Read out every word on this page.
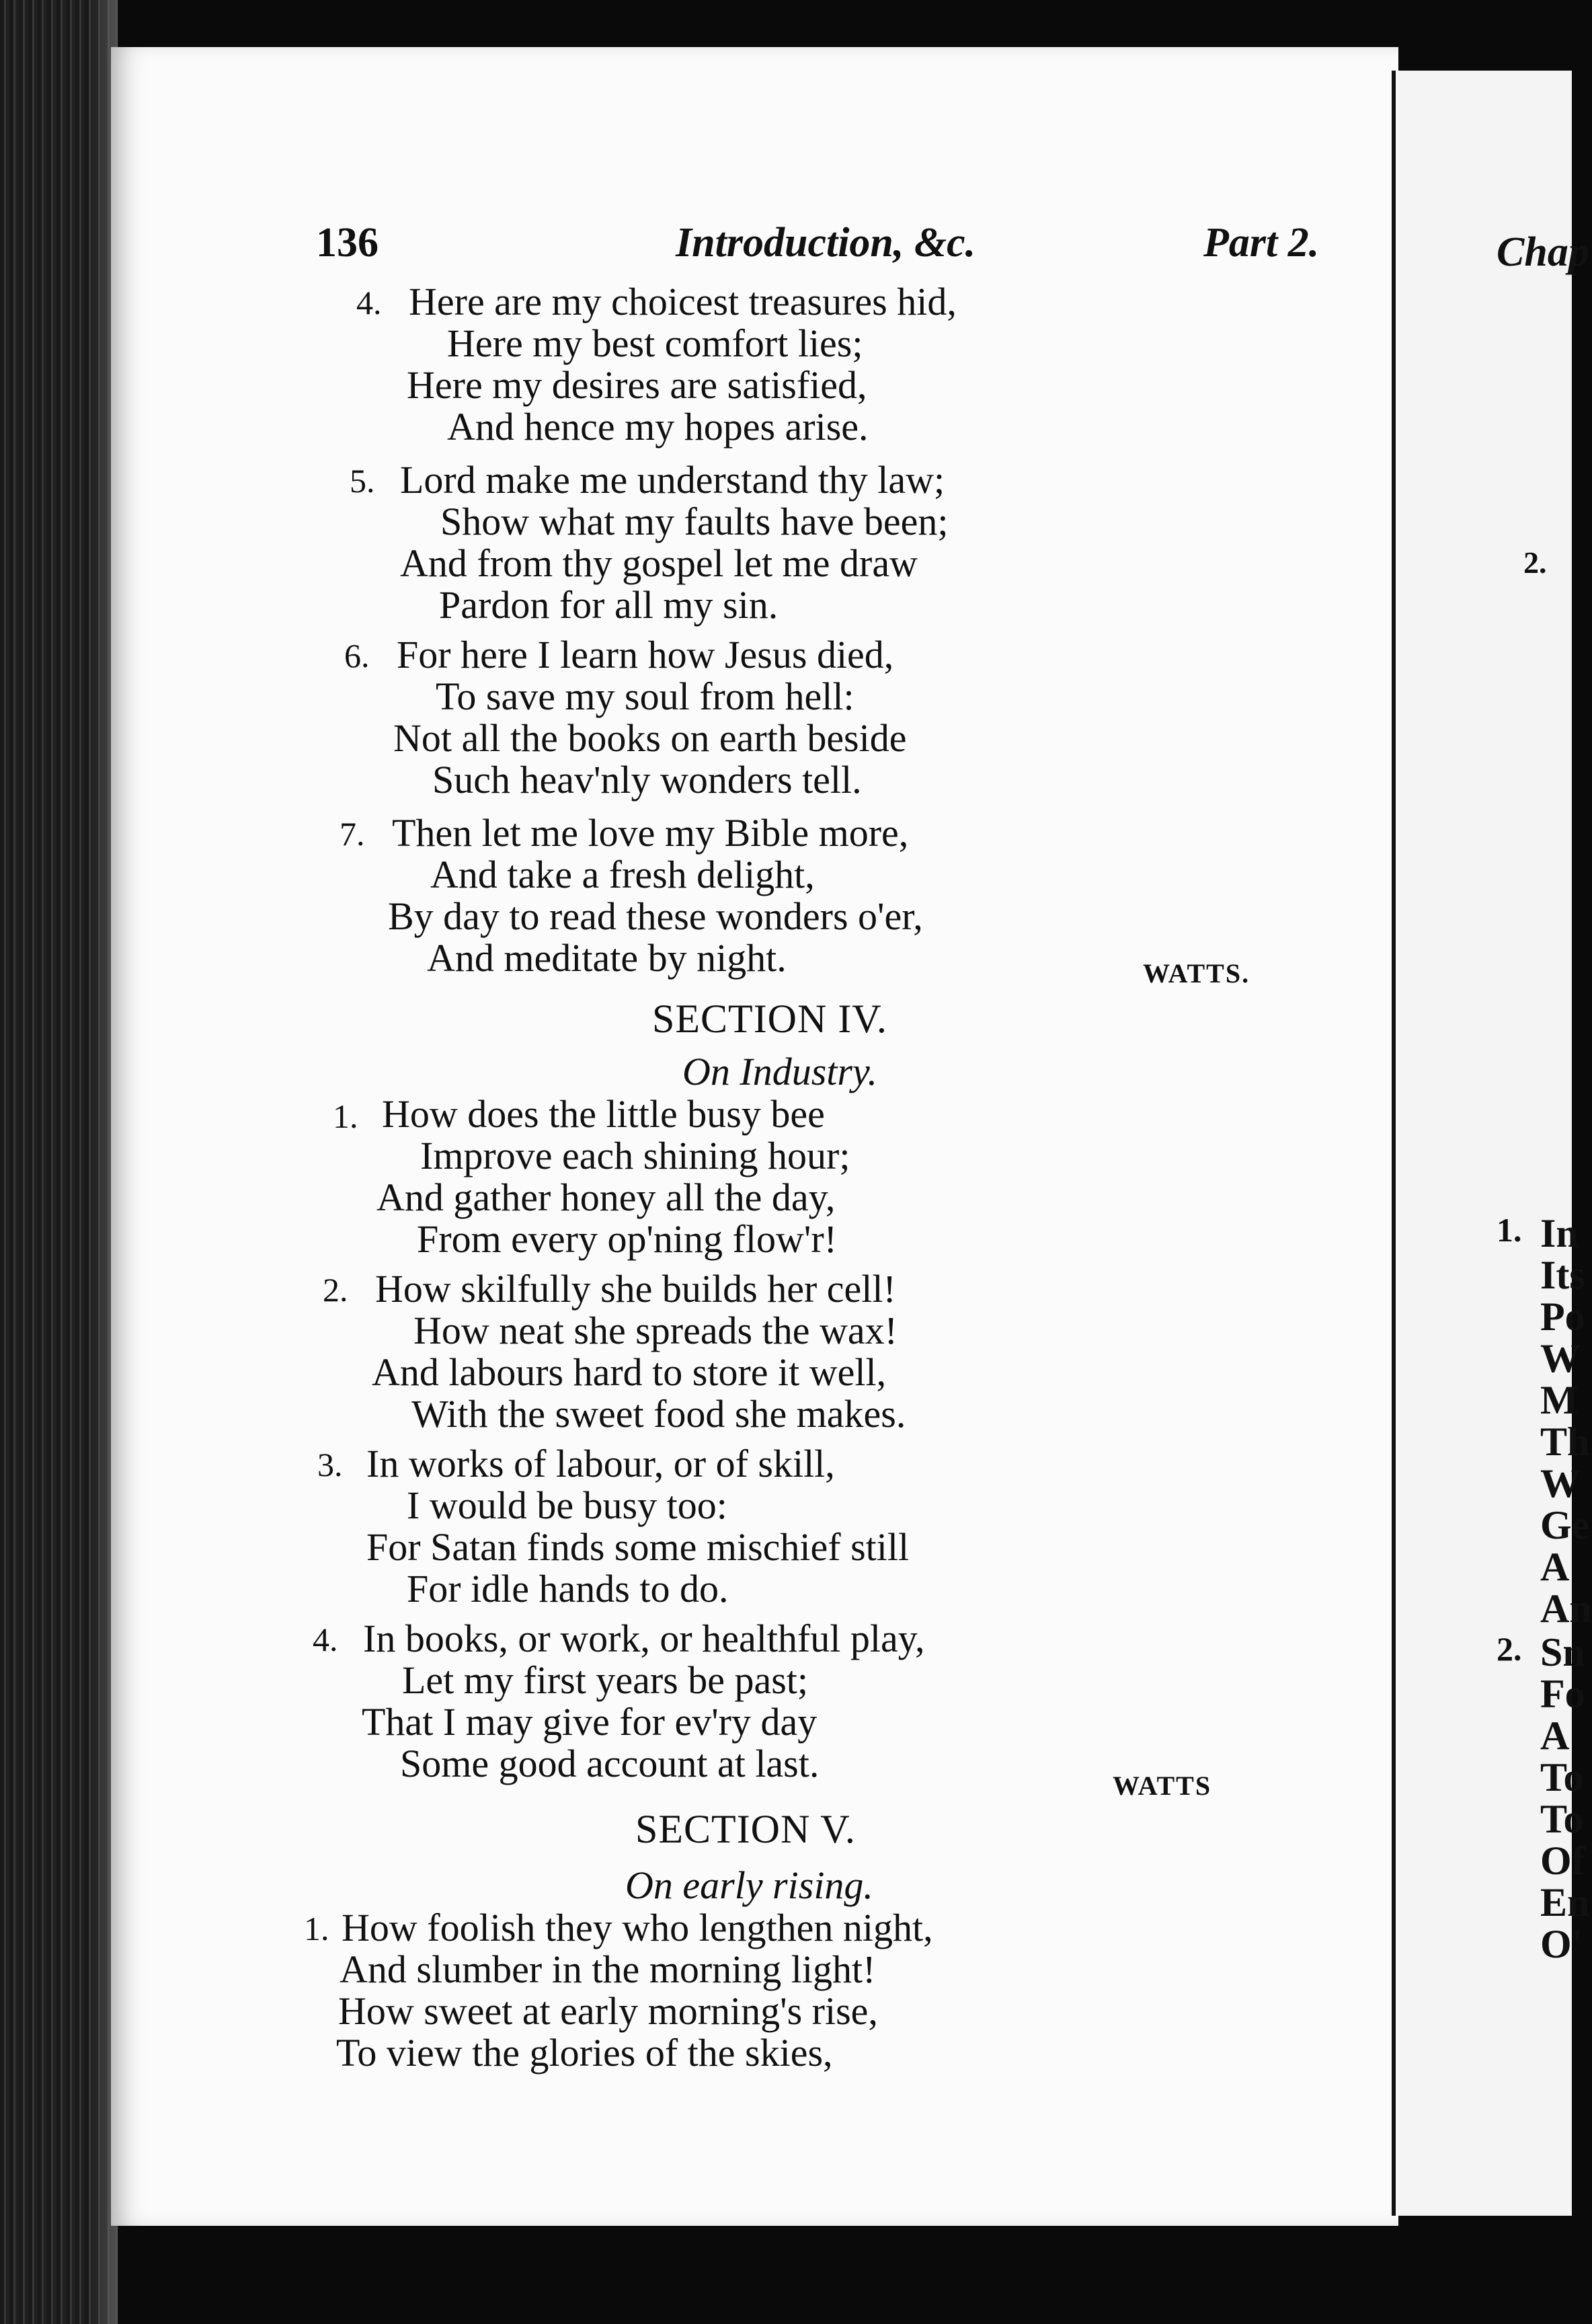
Chap
2.
1. In
Its
Po
W
M
Th
W
Ge
A
An
2. Sn
Fo
A
To
To
Of
En
O'
136	Introduction, &c.	Part 2.
4. Here are my choicest treasures hid,
Here my best comfort lies;
Here my desires are satisfied,
And hence my hopes arise.
5. Lord make me understand thy law;
Show what my faults have been;
And from thy gospel let me draw
Pardon for all my sin.
6. For here I learn how Jesus died,
To save my soul from hell:
Not all the books on earth beside
Such heav'nly wonders tell.
7. Then let me love my Bible more,
And take a fresh delight,
By day to read these wonders o'er,
And meditate by night.	WATTS.
SECTION IV.
On Industry.
1. How does the little busy bee
Improve each shining hour;
And gather honey all the day,
From every op'ning flow'r!
2. How skilfully she builds her cell!
How neat she spreads the wax!
And labours hard to store it well,
With the sweet food she makes.
3. In works of labour, or of skill,
I would be busy too:
For Satan finds some mischief still
For idle hands to do.
4. In books, or work, or healthful play,
Let my first years be past;
That I may give for ev'ry day
Some good account at last.
WATTS
SECTION V.
On early rising.
1. How foolish they who lengthen night,
And slumber in the morning light!
How sweet at early morning's rise,
To view the glories of the skies,
